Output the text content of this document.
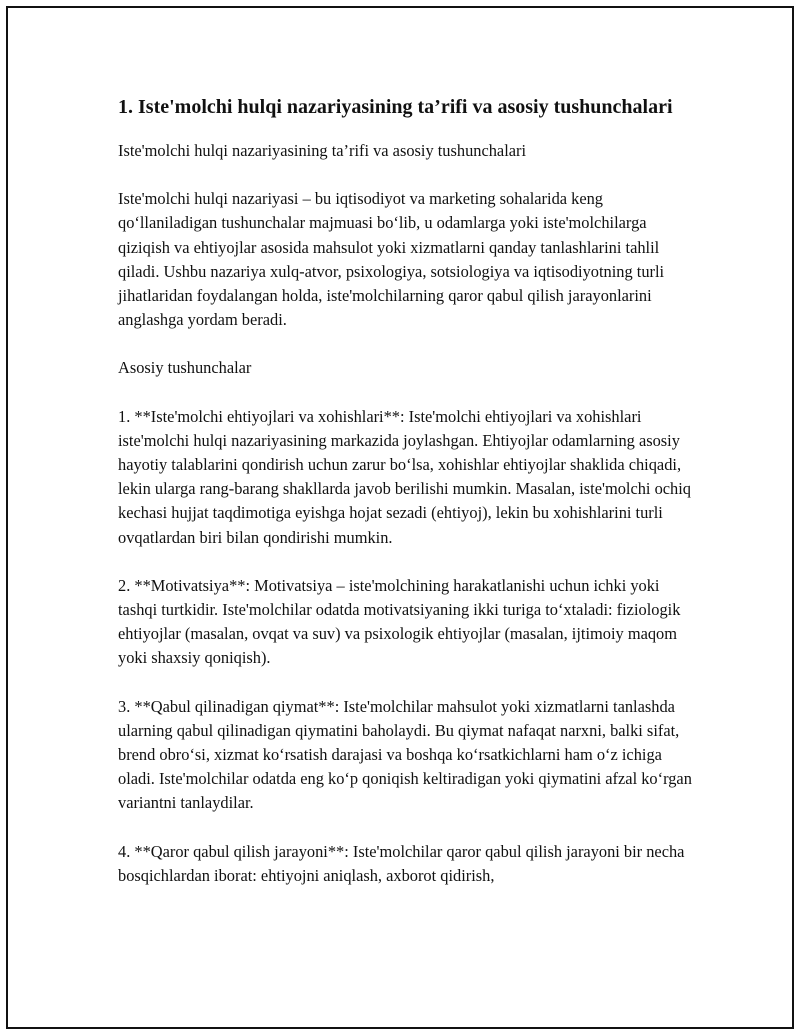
1. Iste'molchi hulqi nazariyasining ta’rifi va asosiy tushunchalari

Iste'molchi hulqi nazariyasining ta’rifi va asosiy tushunchalari

Iste'molchi hulqi nazariyasi – bu iqtisodiyot va marketing sohalarida keng qo‘llaniladigan tushunchalar majmuasi bo‘lib, u odamlarga yoki iste'molchilarga qiziqish va ehtiyojlar asosida mahsulot yoki xizmatlarni qanday tanlashlarini tahlil qiladi. Ushbu nazariya xulq-atvor, psixologiya, sotsiologiya va iqtisodiyotning turli jihatlaridan foydalangan holda, iste'molchilarning qaror qabul qilish jarayonlarini anglashga yordam beradi.

Asosiy tushunchalar

1. **Iste'molchi ehtiyojlari va xohishlari**: Iste'molchi ehtiyojlari va xohishlari iste'molchi hulqi nazariyasining markazida joylashgan. Ehtiyojlar odamlarning asosiy hayotiy talablarini qondirish uchun zarur bo‘lsa, xohishlar ehtiyojlar shaklida chiqadi, lekin ularga rang-barang shakllarda javob berilishi mumkin. Masalan, iste'molchi ochiq kechasi hujjat taqdimotiga eyishga hojat sezadi (ehtiyoj), lekin bu xohishlarini turli ovqatlardan biri bilan qondirishi mumkin.

2. **Motivatsiya**: Motivatsiya – iste'molchining harakatlanishi uchun ichki yoki tashqi turtkidir. Iste'molchilar odatda motivatsiyaning ikki turiga to‘xtaladi: fiziologik ehtiyojlar (masalan, ovqat va suv) va psixologik ehtiyojlar (masalan, ijtimoiy maqom yoki shaxsiy qoniqish).

3. **Qabul qilinadigan qiymat**: Iste'molchilar mahsulot yoki xizmatlarni tanlashda ularning qabul qilinadigan qiymatini baholaydi. Bu qiymat nafaqat narxni, balki sifat, brend obro‘si, xizmat ko‘rsatish darajasi va boshqa ko‘rsatkichlarni ham o‘z ichiga oladi. Iste'molchilar odatda eng ko‘p qoniqish keltiradigan yoki qiymatini afzal ko‘rgan variantni tanlaydilar.

4. **Qaror qabul qilish jarayoni**: Iste'molchilar qaror qabul qilish jarayoni bir necha bosqichlardan iborat: ehtiyojni aniqlash, axborot qidirish,
